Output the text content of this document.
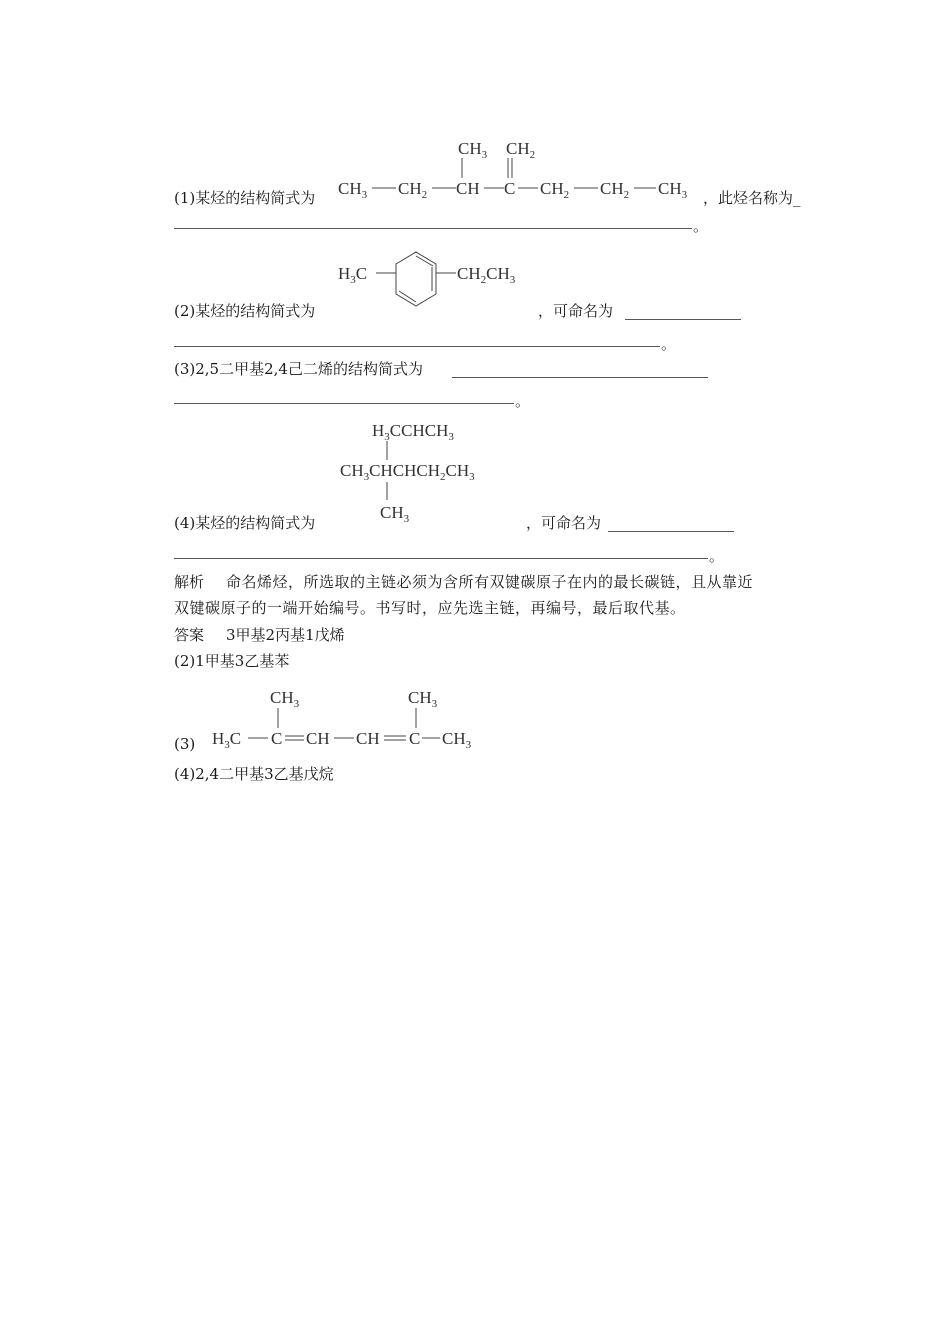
(1)某烃的结构简式为
$CH_3$ $CH_2$
$CH_3$ $CH_2$ CH C $CH_2$ $CH_2$ $CH_3$ ，此烃名称为_
。
(2)某烃的结构简式为
$H_3C$	$CH_2CH_3$
，可命名为
。
(3)2,5二甲基2,4己二烯的结构简式为
。
(4)某烃的结构简式为
$H_3CCHCH_3$
$CH_3CHCHCH_2CH_3$
$CH_3$	，可命名为
。
解析 命名烯烃，所选取的主链必须为含所有双键碳原子在内的最长碳链，且从靠近
双键碳原子的一端开始编号。书写时，应先选主链，再编号，最后取代基。
答案 3甲基2丙基1戊烯
(2)1甲基3乙基苯
(3)
$CH_3$	$CH_3$
$H_3C$ C CH CH C $CH_3$
(4)2,4二甲基3乙基戊烷
